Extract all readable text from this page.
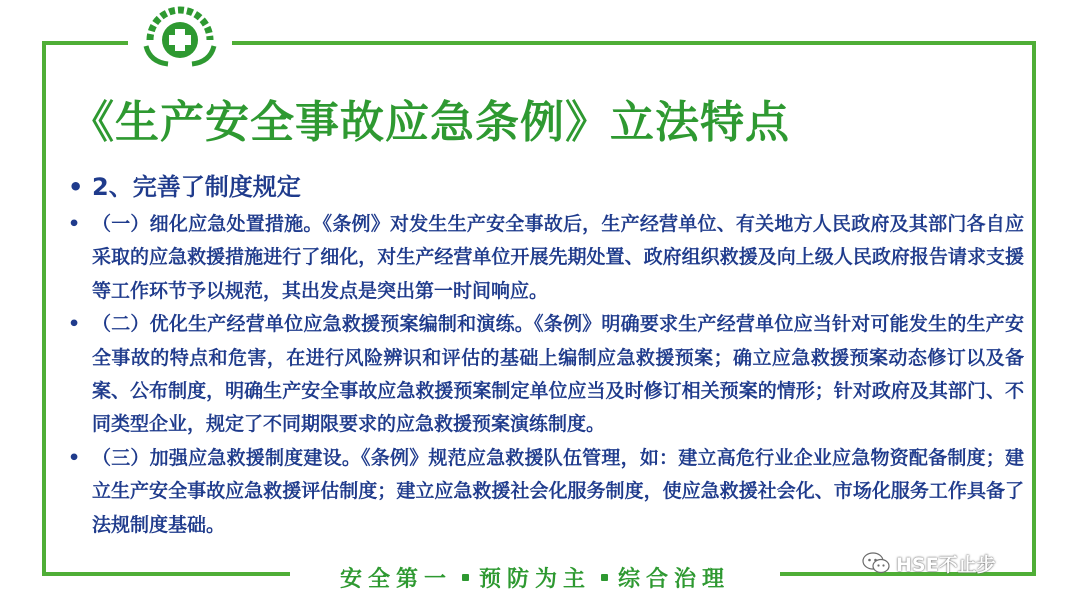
《生产安全事故应急条例》立法特点
• 2、完善了制度规定
• （一）细化应急处置措施。《条例》对发生生产安全事故后，生产经营单位、有关地方人民政府及其部门各自应采取的应急救援措施进行了细化，对生产经营单位开展先期处置、政府组织救援及向上级人民政府报告请求支援等工作环节予以规范，其出发点是突出第一时间响应。
• （二）优化生产经营单位应急救援预案编制和演练。《条例》明确要求生产经营单位应当针对可能发生的生产安全事故的特点和危害，在进行风险辨识和评估的基础上编制应急救援预案；确立应急救援预案动态修订以及备案、公布制度，明确生产安全事故应急救援预案制定单位应当及时修订相关预案的情形；针对政府及其部门、不同类型企业，规定了不同期限要求的应急救援预案演练制度。
• （三）加强应急救援制度建设。《条例》规范应急救援队伍管理，如：建立高危行业企业应急物资配备制度；建立生产安全事故应急救援评估制度；建立应急救援社会化服务制度，使应急救援社会化、市场化服务工作具备了法规制度基础。
安全第一 预防为主 综合治理
HSE不止步
